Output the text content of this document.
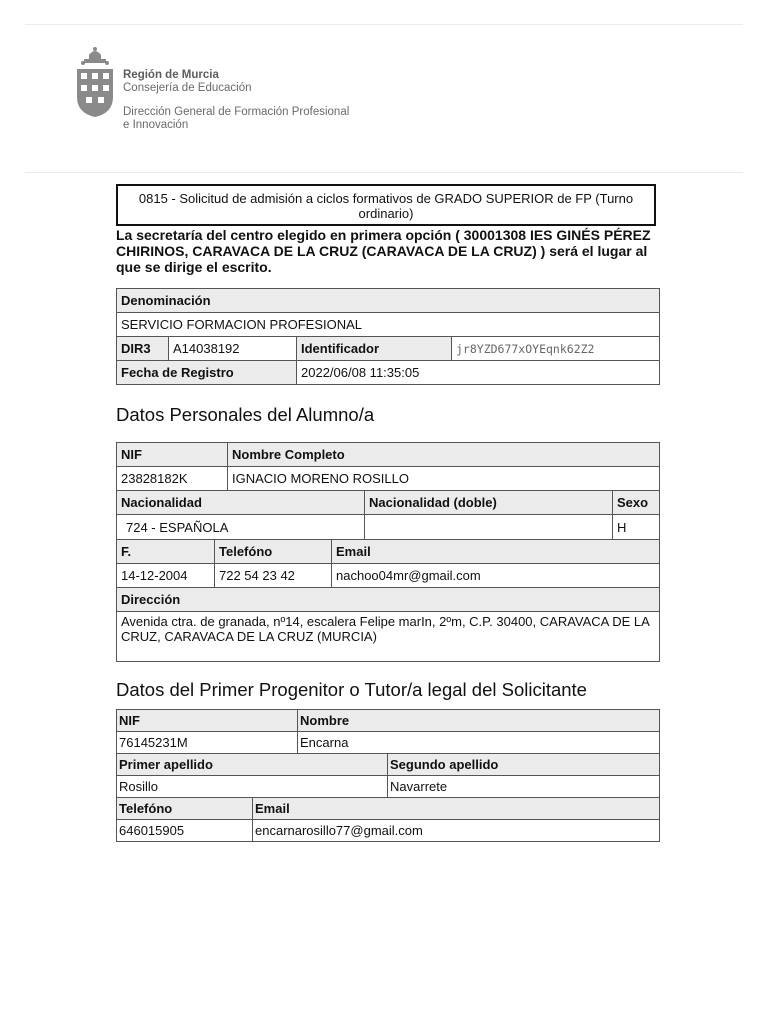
Región de Murcia
Consejería de Educación
Dirección General de Formación Profesional
e Innovación
0815 - Solicitud de admisión a ciclos formativos de GRADO SUPERIOR de FP (Turno ordinario)
La secretaría del centro elegido en primera opción ( 30001308 IES GINÉS PÉREZ CHIRINOS, CARAVACA DE LA CRUZ (CARAVACA DE LA CRUZ) ) será el lugar al que se dirige el escrito.
Denominación			
SERVICIO FORMACION PROFESIONAL			
DIR3	A14038192	Identificador	jr8YZD677xOYEqnk62Z2
Fecha de Registro		2022/06/08 11:35:05	
Datos Personales del Alumno/a
NIF		Nombre Completo			
23828182K		IGNACIO MORENO ROSILLO			
Nacionalidad				Nacionalidad (doble)	Sexo
724 - ESPAÑOLA					H
F.	Telefóno		Email		
14-12-2004	722 54 23 42		nachoo04mr@gmail.com		
Dirección					
Avenida ctra. de granada, nº14, escalera Felipe marIn, 2ºm, C.P. 30400, CARAVACA DE LA CRUZ, CARAVACA DE LA CRUZ (MURCIA)					
Datos del Primer Progenitor o Tutor/a legal del Solicitante
NIF		Nombre	
76145231M		Encarna	
Primer apellido			Segundo apellido
Rosillo			Navarrete
Telefóno	Email		
646015905	encarnarosillo77@gmail.com		
